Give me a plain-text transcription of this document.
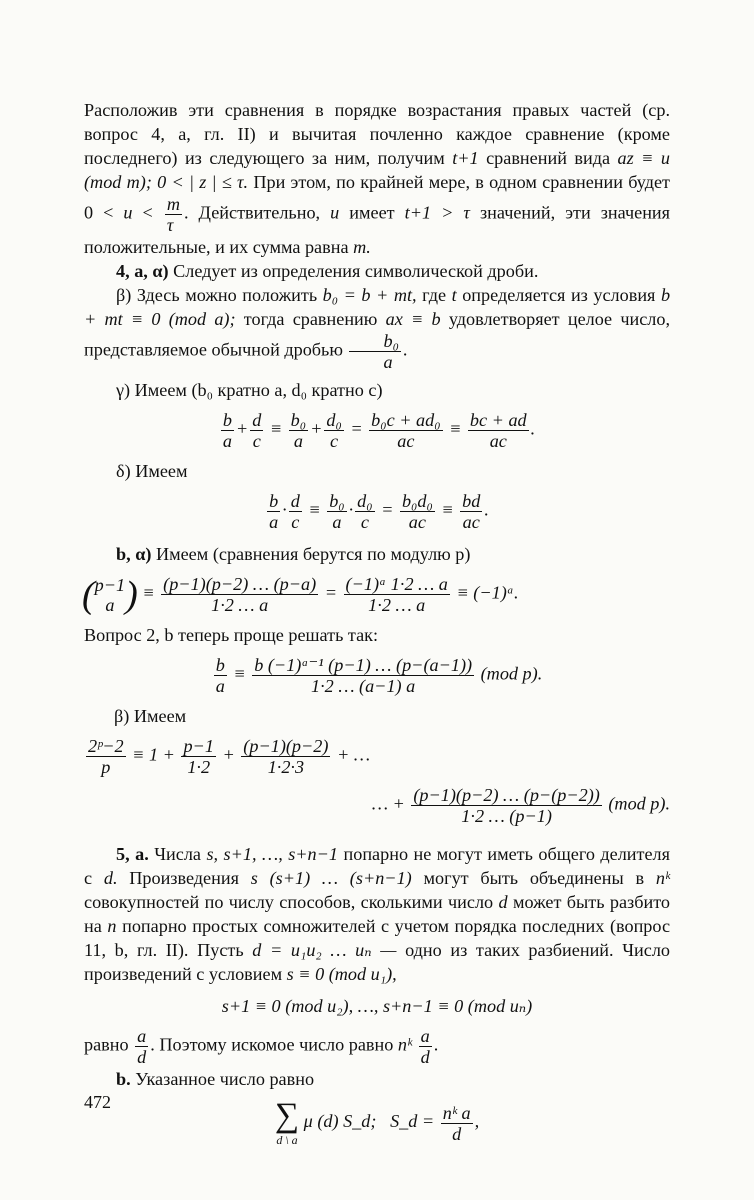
Расположив эти сравнения в порядке возрастания правых частей (ср. вопрос 4, a, гл. II) и вычитая почленно каждое сравнение (кроме последнего) из следующего за ним, получим t+1 сравнений вида az ≡ u (mod m); 0 < | z | ≤ τ. При этом, по крайней мере, в одном сравнении будет $0 < u < \frac{m}{\tau}$ . Действительно, u имеет t+1 > τ значений, эти значения положительные, и их сумма равна m.

4, a, α) Следует из определения символической дроби.

β) Здесь можно положить b₀ = b + mt, где t определяется из условия b + mt ≡ 0 (mod a); тогда сравнению ax ≡ b удовлетворяет целое число, представляемое обычной дробью $\frac{\text{b₀}}{a}$ .

γ) Имеем (b₀ кратно a, d₀ кратно c)

$\frac{b}{a} + \frac{d}{c} \equiv \frac{\text{b₀}}{a} + \frac{\text{d₀}}{c} = \frac{\text{b₀c + ad₀}}{ac} \equiv \frac{bc + ad}{ac}$ .

δ) Имеем

$\frac{b}{a} \cdot \frac{d}{c} \equiv \frac{\text{b₀}}{a} \cdot \frac{\text{d₀}}{c} = \frac{\text{b₀d₀}}{ac} \equiv \frac{bd}{ac}$ .

b, α) Имеем (сравнения берутся по модулю p)

( p−1
a ) ≡ $\frac{(p-1)(p-2) \dots (p-a)}{1\cdot 2 \dots a} = \frac{\text{(−1)ᵃ 1·2 … a}}{1\cdot 2 \dots a}$ ≡ (−1)ᵃ.

Вопрос 2, b теперь проще решать так:

$\frac{b}{a} \equiv \frac{\text{b (−1)ᵃ⁻¹ (p−1) … (p−(a−1))}}{1\cdot 2 \dots (a-1) a} (mod$ p).

β) Имеем

$\frac{\text{2ᵖ−2}}{p} \equiv 1 + \frac{p-1}{1\cdot 2} + \frac{(p-1)(p-2)}{1\cdot 2\cdot 3}$ + …
… + $\frac{(p-1)(p-2) \dots (p-(p-2))}{1\cdot 2 \dots (p-1)} (mod$ p).

5, a. Числа s, s+1, …, s+n−1 попарно не могут иметь общего делителя с d. Произведения s (s+1) … (s+n−1) могут быть объединены в nᵏ совокупностей по числу способов, сколькими число d может быть разбито на n попарно простых сомножителей с учетом порядка последних (вопрос 11, b, гл. II). Пусть d = u₁u₂ … uₙ — одно из таких разбиений. Число произведений с условием s ≡ 0 (mod u₁),

s+1 ≡ 0 (mod u₂), …, s+n−1 ≡ 0 (mod uₙ)

равно $\frac{a}{d}$ . Поэтому искомое число равно nᵏ $\frac{a}{d}$ .

b. Указанное число равно

∑
d \ a
μ (d) S_d; S_d = $\frac{\text{nᵏ a}}{d}$ ,
472
